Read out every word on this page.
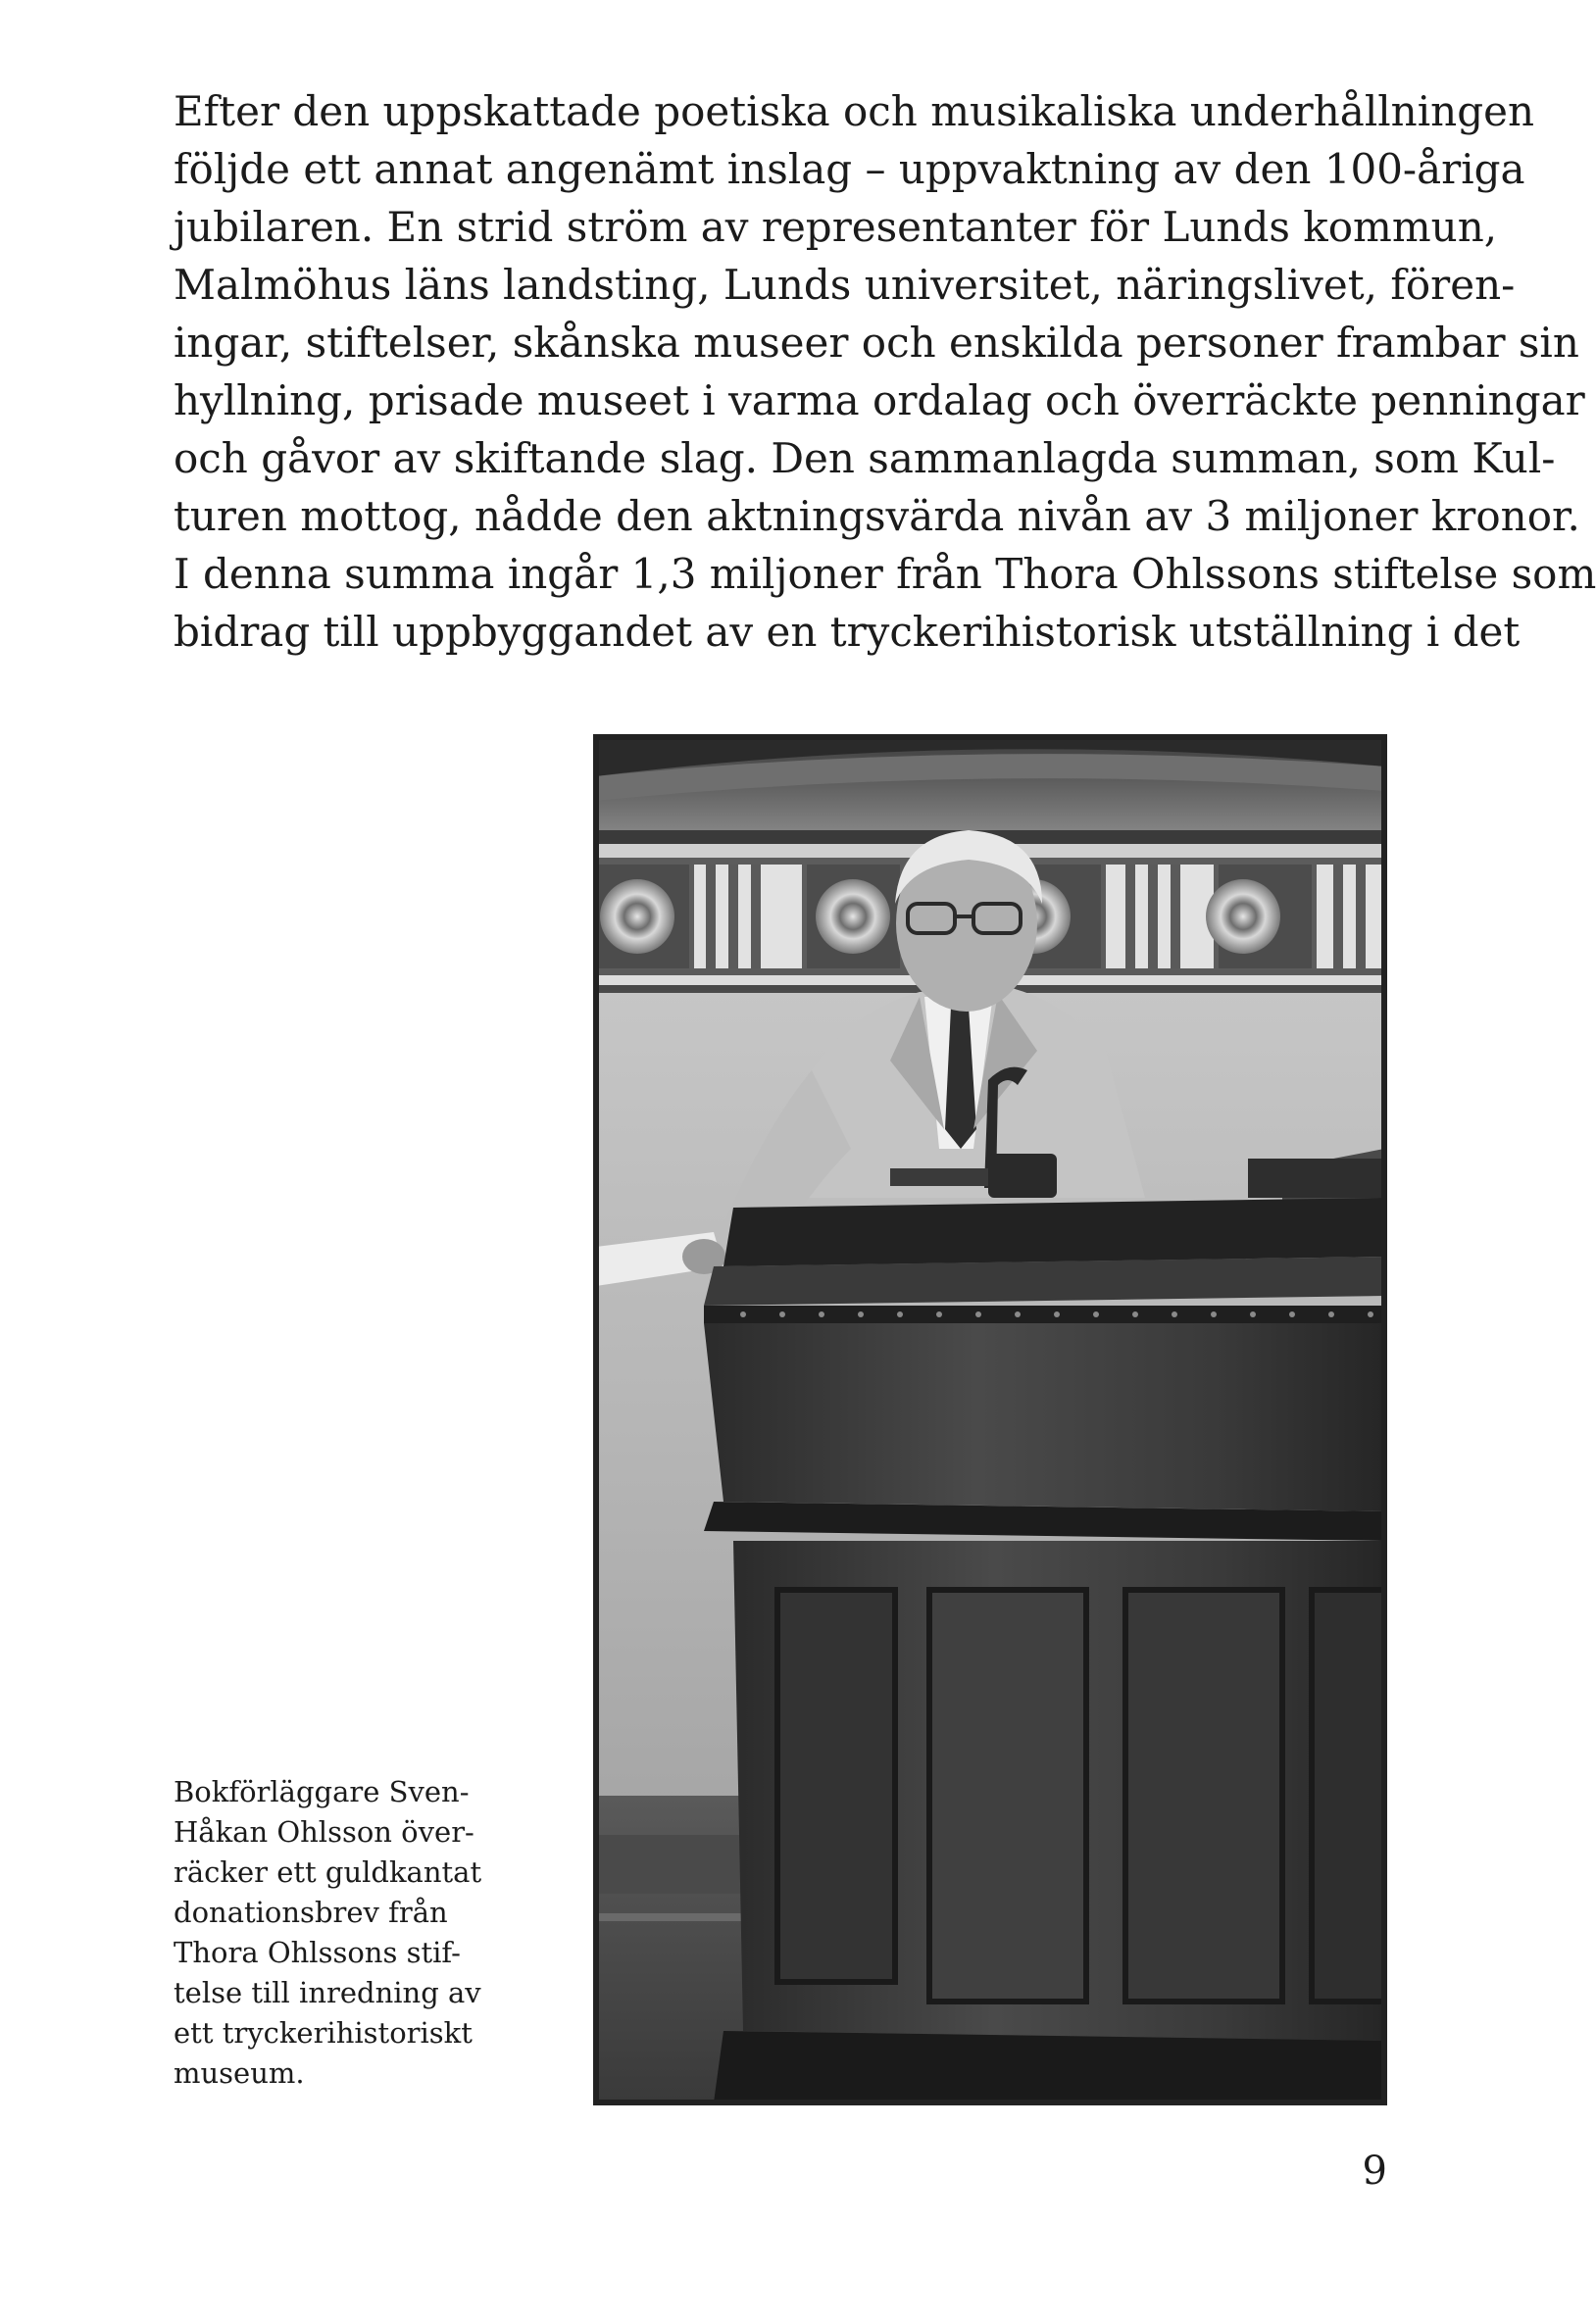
Efter den uppskattade poetiska och musikaliska underhållningen
följde ett annat angenämt inslag – uppvaktning av den 100-åriga
jubilaren. En strid ström av representanter för Lunds kommun,
Malmöhus läns landsting, Lunds universitet, näringslivet, fören-
ingar, stiftelser, skånska museer och enskilda personer frambar sin
hyllning, prisade museet i varma ordalag och överräckte penningar
och gåvor av skiftande slag. Den sammanlagda summan, som Kul-
turen mottog, nådde den aktningsvärda nivån av 3 miljoner kronor.
I denna summa ingår 1,3 miljoner från Thora Ohlssons stiftelse som
bidrag till uppbyggandet av en tryckerihistorisk utställning i det
Bokförläggare Sven-
Håkan Ohlsson över-
räcker ett guldkantat
donationsbrev från
Thora Ohlssons stif-
telse till inredning av
ett tryckerihistoriskt
museum.
9
